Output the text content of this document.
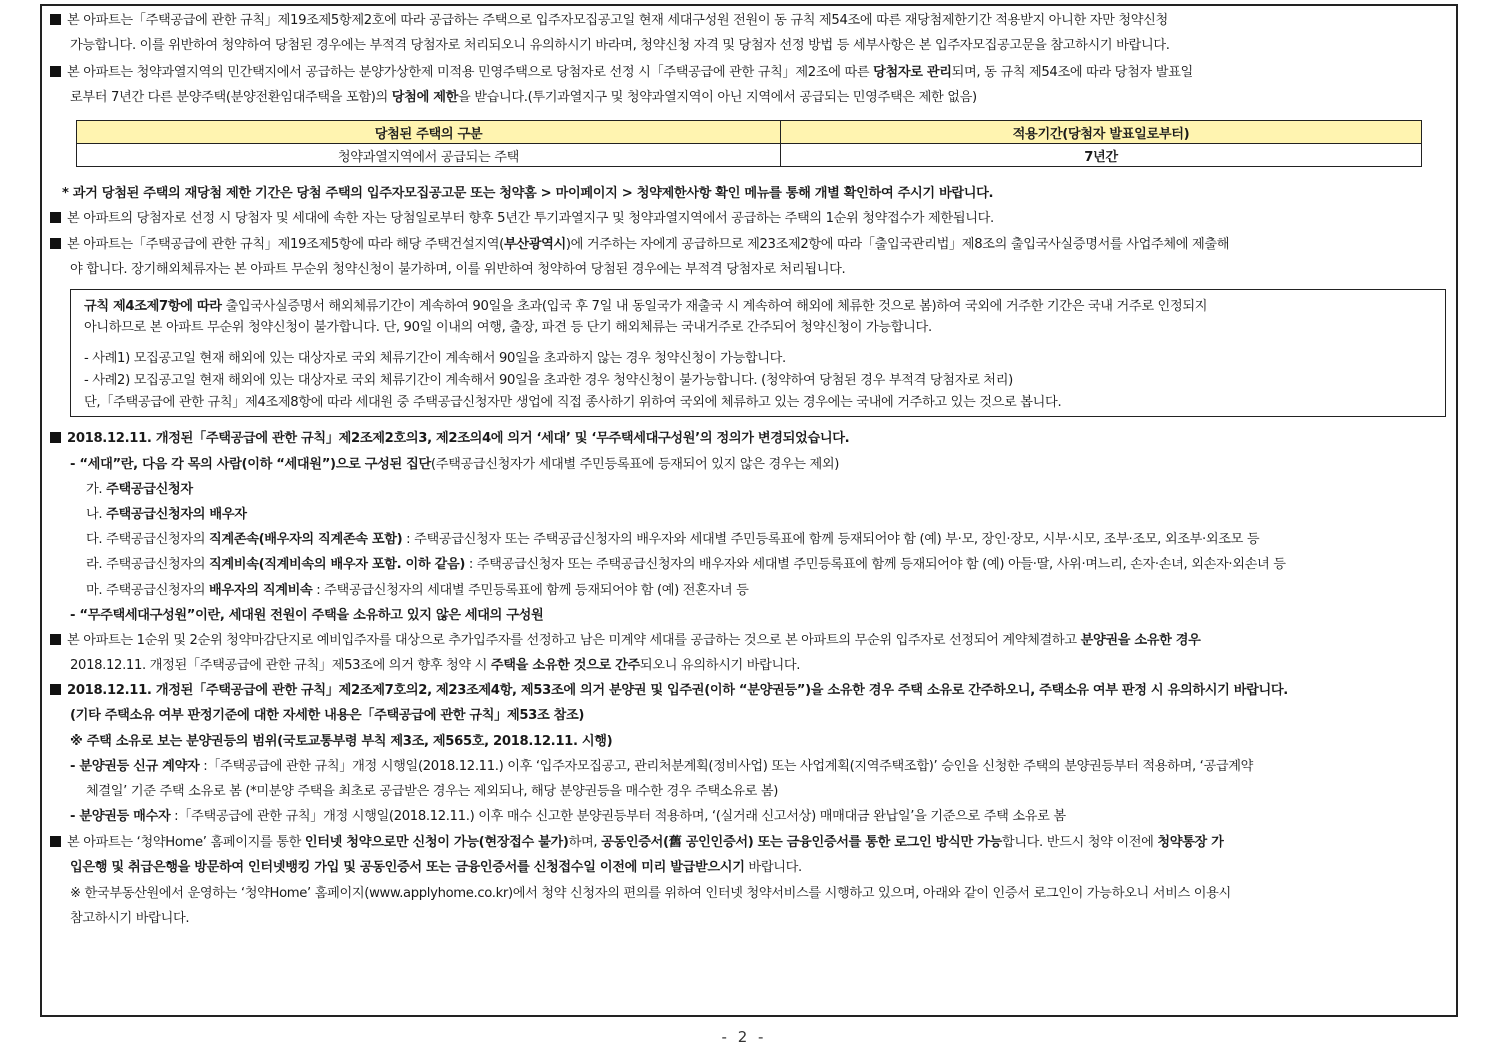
당첨된 주택의 구분	적용기간(당첨자 발표일로부터)
청약과열지역에서 공급되는 주택	7년간
본 아파트는「주택공급에 관한 규칙」제19조제5항제2호에 따라 공급하는 주택으로 입주자모집공고일 현재 세대구성원 전원이 동 규칙 제54조에 따른 재당첨제한기간 적용받지 아니한 자만 청약신청
가능합니다. 이를 위반하여 청약하여 당첨된 경우에는 부적격 당첨자로 처리되오니 유의하시기 바라며, 청약신청 자격 및 당첨자 선정 방법 등 세부사항은 본 입주자모집공고문을 참고하시기 바랍니다.
본 아파트는 청약과열지역의 민간택지에서 공급하는 분양가상한제 미적용 민영주택으로 당첨자로 선정 시「주택공급에 관한 규칙」제2조에 따른 당첨자로 관리되며, 동 규칙 제54조에 따라 당첨자 발표일
로부터 7년간 다른 분양주택(분양전환임대주택을 포함)의 당첨에 제한을 받습니다.(투기과열지구 및 청약과열지역이 아닌 지역에서 공급되는 민영주택은 제한 없음)
* 과거 당첨된 주택의 재당첨 제한 기간은 당첨 주택의 입주자모집공고문 또는 청약홈 > 마이페이지 > 청약제한사항 확인 메뉴를 통해 개별 확인하여 주시기 바랍니다.
본 아파트의 당첨자로 선정 시 당첨자 및 세대에 속한 자는 당첨일로부터 향후 5년간 투기과열지구 및 청약과열지역에서 공급하는 주택의 1순위 청약접수가 제한됩니다.
본 아파트는「주택공급에 관한 규칙」제19조제5항에 따라 해당 주택건설지역(부산광역시)에 거주하는 자에게 공급하므로 제23조제2항에 따라「출입국관리법」제8조의 출입국사실증명서를 사업주체에 제출해
야 합니다. 장기해외체류자는 본 아파트 무순위 청약신청이 불가하며, 이를 위반하여 청약하여 당첨된 경우에는 부적격 당첨자로 처리됩니다.
규칙 제4조제7항에 따라 출입국사실증명서 해외체류기간이 계속하여 90일을 초과(입국 후 7일 내 동일국가 재출국 시 계속하여 해외에 체류한 것으로 봄)하여 국외에 거주한 기간은 국내 거주로 인정되지
아니하므로 본 아파트 무순위 청약신청이 불가합니다. 단, 90일 이내의 여행, 출장, 파견 등 단기 해외체류는 국내거주로 간주되어 청약신청이 가능합니다.
- 사례1) 모집공고일 현재 해외에 있는 대상자로 국외 체류기간이 계속해서 90일을 초과하지 않는 경우 청약신청이 가능합니다.
- 사례2) 모집공고일 현재 해외에 있는 대상자로 국외 체류기간이 계속해서 90일을 초과한 경우 청약신청이 불가능합니다. (청약하여 당첨된 경우 부적격 당첨자로 처리)
단,「주택공급에 관한 규칙」제4조제8항에 따라 세대원 중 주택공급신청자만 생업에 직접 종사하기 위하여 국외에 체류하고 있는 경우에는 국내에 거주하고 있는 것으로 봅니다.
2018.12.11. 개정된「주택공급에 관한 규칙」제2조제2호의3, 제2조의4에 의거 ‘세대’ 및 ‘무주택세대구성원’의 정의가 변경되었습니다.
- “세대”란, 다음 각 목의 사람(이하 “세대원”)으로 구성된 집단(주택공급신청자가 세대별 주민등록표에 등재되어 있지 않은 경우는 제외)
가. 주택공급신청자
나. 주택공급신청자의 배우자
다. 주택공급신청자의 직계존속(배우자의 직계존속 포함) : 주택공급신청자 또는 주택공급신청자의 배우자와 세대별 주민등록표에 함께 등재되어야 함 (예) 부·모, 장인·장모, 시부·시모, 조부·조모, 외조부·외조모 등
라. 주택공급신청자의 직계비속(직계비속의 배우자 포함. 이하 같음) : 주택공급신청자 또는 주택공급신청자의 배우자와 세대별 주민등록표에 함께 등재되어야 함 (예) 아들·딸, 사위·며느리, 손자·손녀, 외손자·외손녀 등
마. 주택공급신청자의 배우자의 직계비속 : 주택공급신청자의 세대별 주민등록표에 함께 등재되어야 함 (예) 전혼자녀 등
- “무주택세대구성원”이란, 세대원 전원이 주택을 소유하고 있지 않은 세대의 구성원
본 아파트는 1순위 및 2순위 청약마감단지로 예비입주자를 대상으로 추가입주자를 선정하고 남은 미계약 세대를 공급하는 것으로 본 아파트의 무순위 입주자로 선정되어 계약체결하고 분양권을 소유한 경우
2018.12.11. 개정된「주택공급에 관한 규칙」제53조에 의거 향후 청약 시 주택을 소유한 것으로 간주되오니 유의하시기 바랍니다.
2018.12.11. 개정된「주택공급에 관한 규칙」제2조제7호의2, 제23조제4항, 제53조에 의거 분양권 및 입주권(이하 “분양권등”)을 소유한 경우 주택 소유로 간주하오니, 주택소유 여부 판정 시 유의하시기 바랍니다.
(기타 주택소유 여부 판정기준에 대한 자세한 내용은「주택공급에 관한 규칙」제53조 참조)
※ 주택 소유로 보는 분양권등의 범위(국토교통부령 부칙 제3조, 제565호, 2018.12.11. 시행)
- 분양권등 신규 계약자 :「주택공급에 관한 규칙」개정 시행일(2018.12.11.) 이후 ‘입주자모집공고, 관리처분계획(정비사업) 또는 사업계획(지역주택조합)’ 승인을 신청한 주택의 분양권등부터 적용하며, ‘공급계약
체결일’ 기준 주택 소유로 봄 (*미분양 주택을 최초로 공급받은 경우는 제외되나, 해당 분양권등을 매수한 경우 주택소유로 봄)
- 분양권등 매수자 :「주택공급에 관한 규칙」개정 시행일(2018.12.11.) 이후 매수 신고한 분양권등부터 적용하며, ‘(실거래 신고서상) 매매대금 완납일’을 기준으로 주택 소유로 봄
본 아파트는 ‘청약Home’ 홈페이지를 통한 인터넷 청약으로만 신청이 가능(현장접수 불가)하며, 공동인증서(舊 공인인증서) 또는 금융인증서를 통한 로그인 방식만 가능합니다. 반드시 청약 이전에 청약통장 가
입은행 및 취급은행을 방문하여 인터넷뱅킹 가입 및 공동인증서 또는 금융인증서를 신청접수일 이전에 미리 발급받으시기 바랍니다.
※ 한국부동산원에서 운영하는 ‘청약Home’ 홈페이지(www.applyhome.co.kr)에서 청약 신청자의 편의를 위하여 인터넷 청약서비스를 시행하고 있으며, 아래와 같이 인증서 로그인이 가능하오니 서비스 이용시
참고하시기 바랍니다.
- 2 -
